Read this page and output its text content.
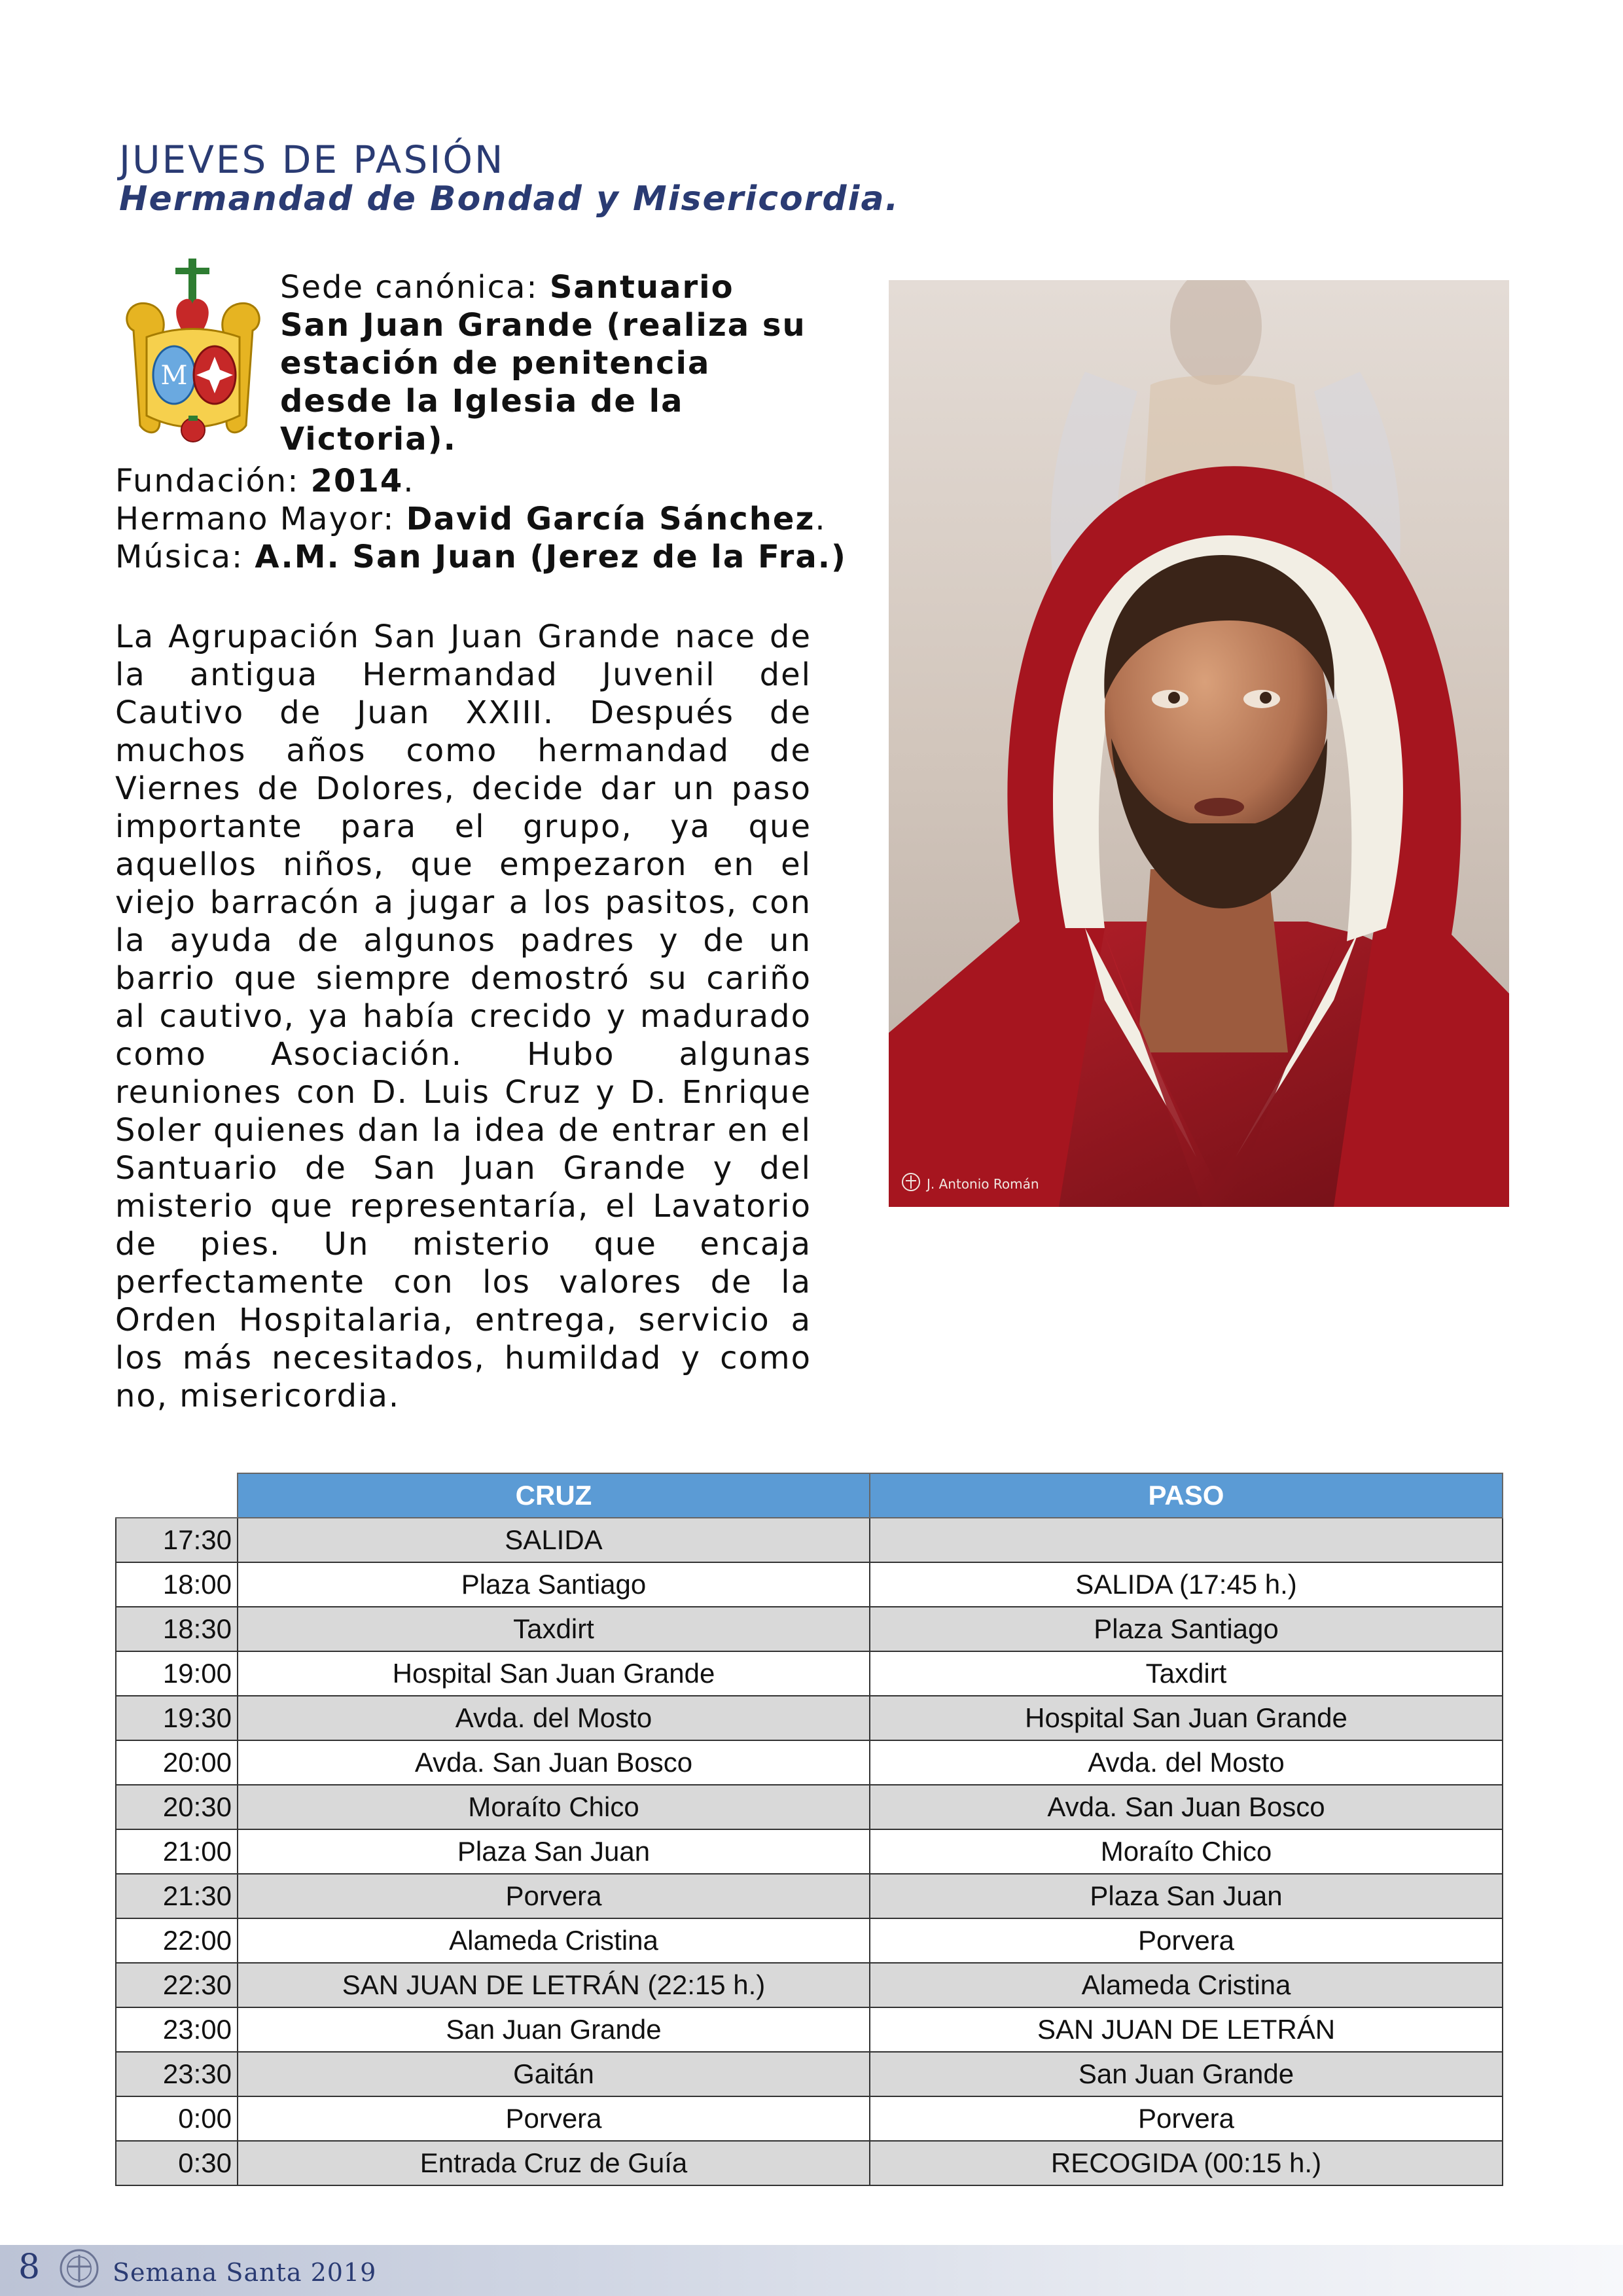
JUEVES DE PASIÓN
Hermandad de Bondad y Misericordia.
M

Sede canónica: Santuario San Juan Grande (realiza su estación de penitencia desde la Iglesia de la Victoria).

Fundación: 2014.
Hermano Mayor: David García Sánchez.
Música: A.M. San Juan (Jerez de la Fra.)

La Agrupación San Juan Grande nace de la antigua Hermandad Juvenil del Cautivo de Juan XXIII. Después de muchos años como hermandad de Viernes de Dolores, decide dar un paso importante para el grupo, ya que aquellos niños, que empezaron en el viejo barracón a jugar a los pasitos, con la ayuda de algunos padres y de un barrio que siempre demostró su cariño al cautivo, ya había crecido y madurado como Asociación. Hubo algunas reuniones con D. Luis Cruz y D. Enrique Soler quienes dan la idea de entrar en el Santuario de San Juan Grande y del misterio que representaría, el Lavatorio de pies. Un misterio que encaja perfectamente con los valores de la Orden Hospitalaria, entrega, servicio a los más necesitados, humildad y como no, misericordia.

J. Antonio Román
	CRUZ	PASO
17:30	SALIDA	
18:00	Plaza Santiago	SALIDA (17:45 h.)
18:30	Taxdirt	Plaza Santiago
19:00	Hospital San Juan Grande	Taxdirt
19:30	Avda. del Mosto	Hospital San Juan Grande
20:00	Avda. San Juan Bosco	Avda. del Mosto
20:30	Moraíto Chico	Avda. San Juan Bosco
21:00	Plaza San Juan	Moraíto Chico
21:30	Porvera	Plaza San Juan
22:00	Alameda Cristina	Porvera
22:30	SAN JUAN DE LETRÁN (22:15 h.)	Alameda Cristina
23:00	San Juan Grande	SAN JUAN DE LETRÁN
23:30	Gaitán	San Juan Grande
0:00	Porvera	Porvera
0:30	Entrada Cruz de Guía	RECOGIDA (00:15 h.)
8	Semana Santa 2019
